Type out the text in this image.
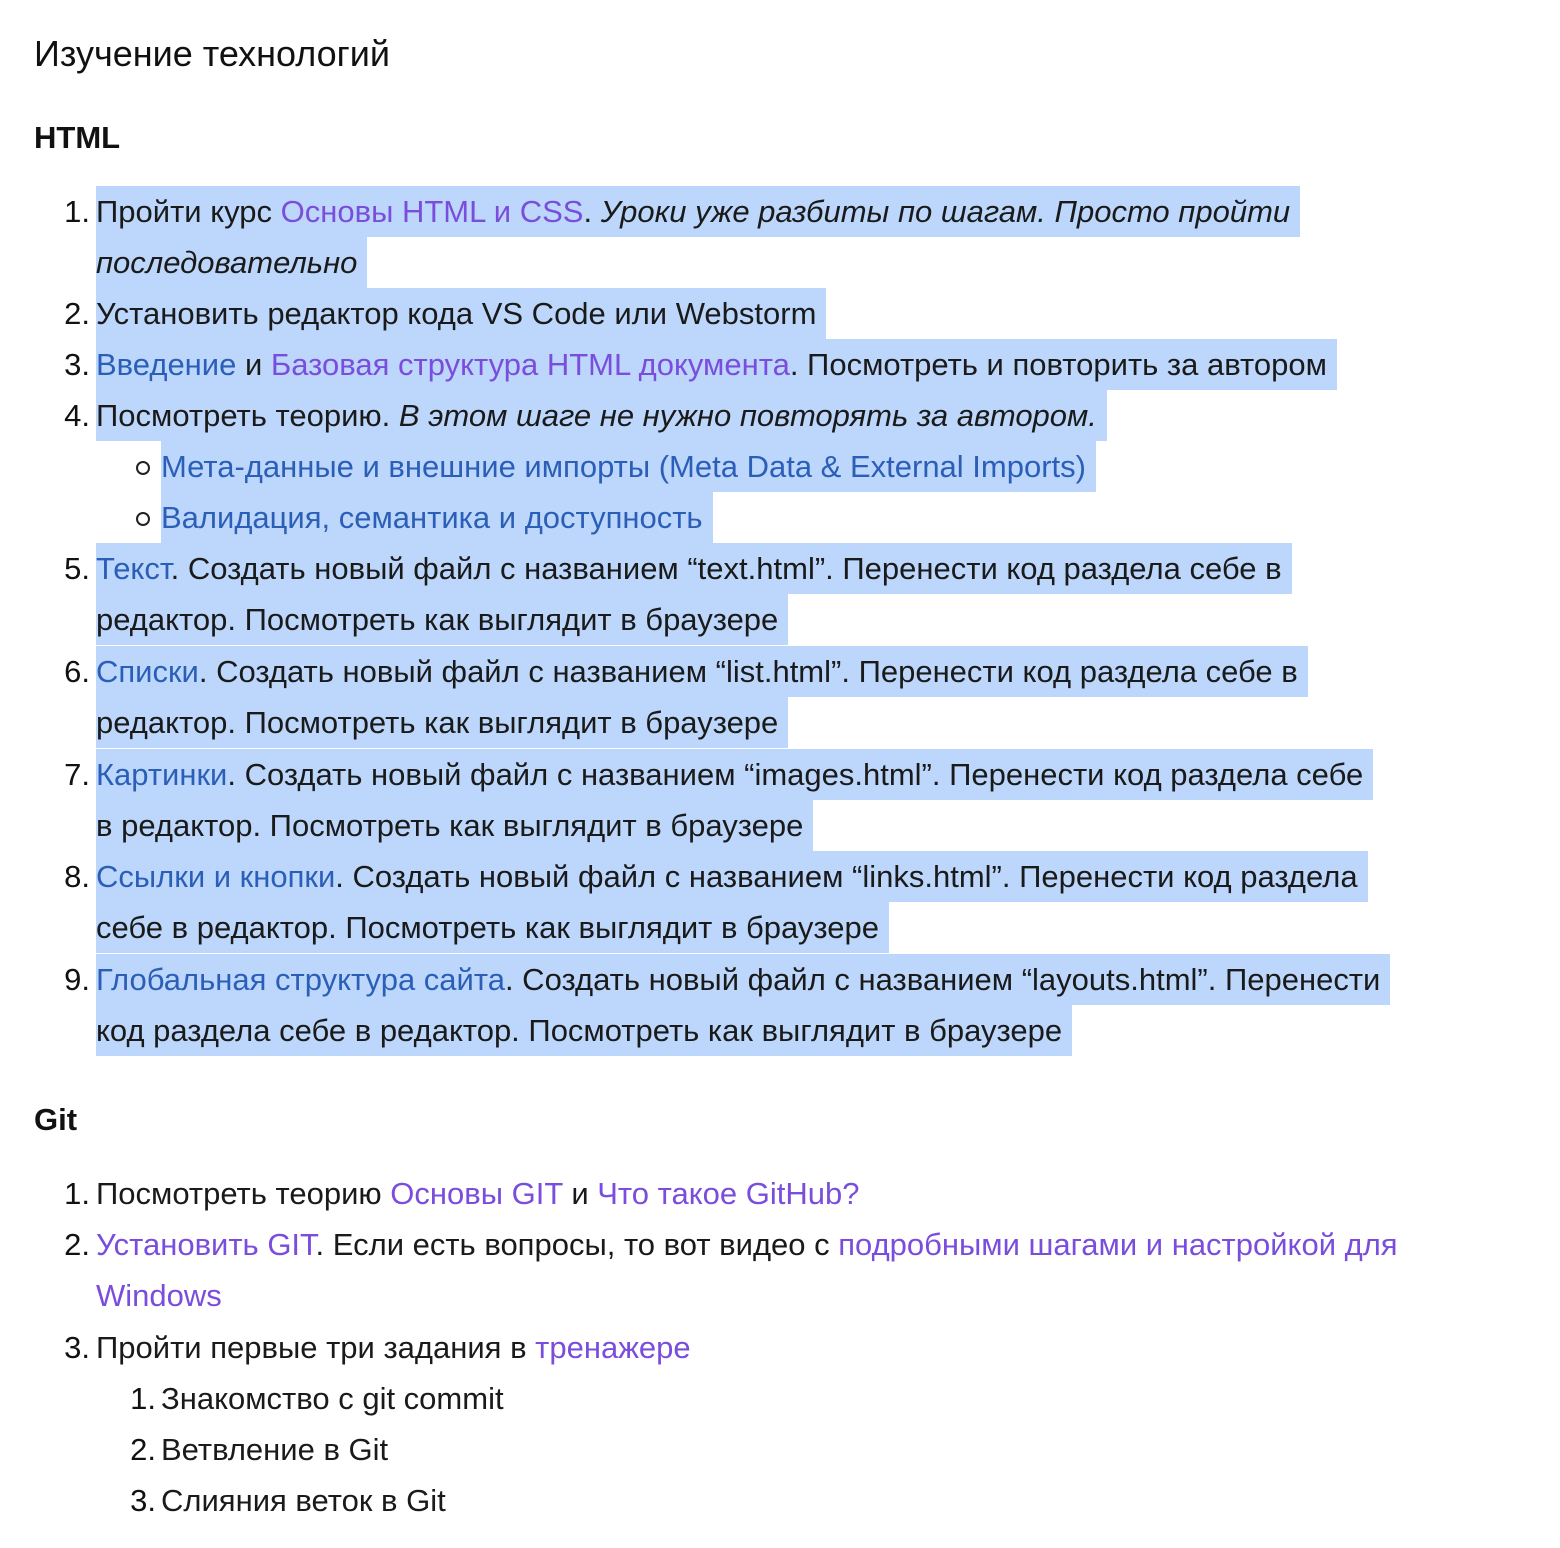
Изучение технологий
HTML
1. Пройти курс Основы HTML и CSS. Уроки уже разбиты по шагам. Просто пройти
последовательно
2. Установить редактор кода VS Code или Webstorm
3. Введение и Базовая структура HTML документа. Посмотреть и повторить за автором
4. Посмотреть теорию. В этом шаге не нужно повторять за автором.
Мета-данные и внешние импорты (Meta Data & External Imports)
Валидация, семантика и доступность
5. Текст. Создать новый файл с названием “text.html”. Перенести код раздела себе в
редактор. Посмотреть как выглядит в браузере
6. Списки. Создать новый файл с названием “list.html”. Перенести код раздела себе в
редактор. Посмотреть как выглядит в браузере
7. Картинки. Создать новый файл с названием “images.html”. Перенести код раздела себе
в редактор. Посмотреть как выглядит в браузере
8. Ссылки и кнопки. Создать новый файл с названием “links.html”. Перенести код раздела
себе в редактор. Посмотреть как выглядит в браузере
9. Глобальная структура сайта. Создать новый файл с названием “layouts.html”. Перенести
код раздела себе в редактор. Посмотреть как выглядит в браузере
Git
1. Посмотреть теорию Основы GIT и Что такое GitHub?
2. Установить GIT. Если есть вопросы, то вот видео с подробными шагами и настройкой для
Windows
3. Пройти первые три задания в тренажере
1. Знакомство с git commit
2. Ветвление в Git
3. Слияния веток в Git
